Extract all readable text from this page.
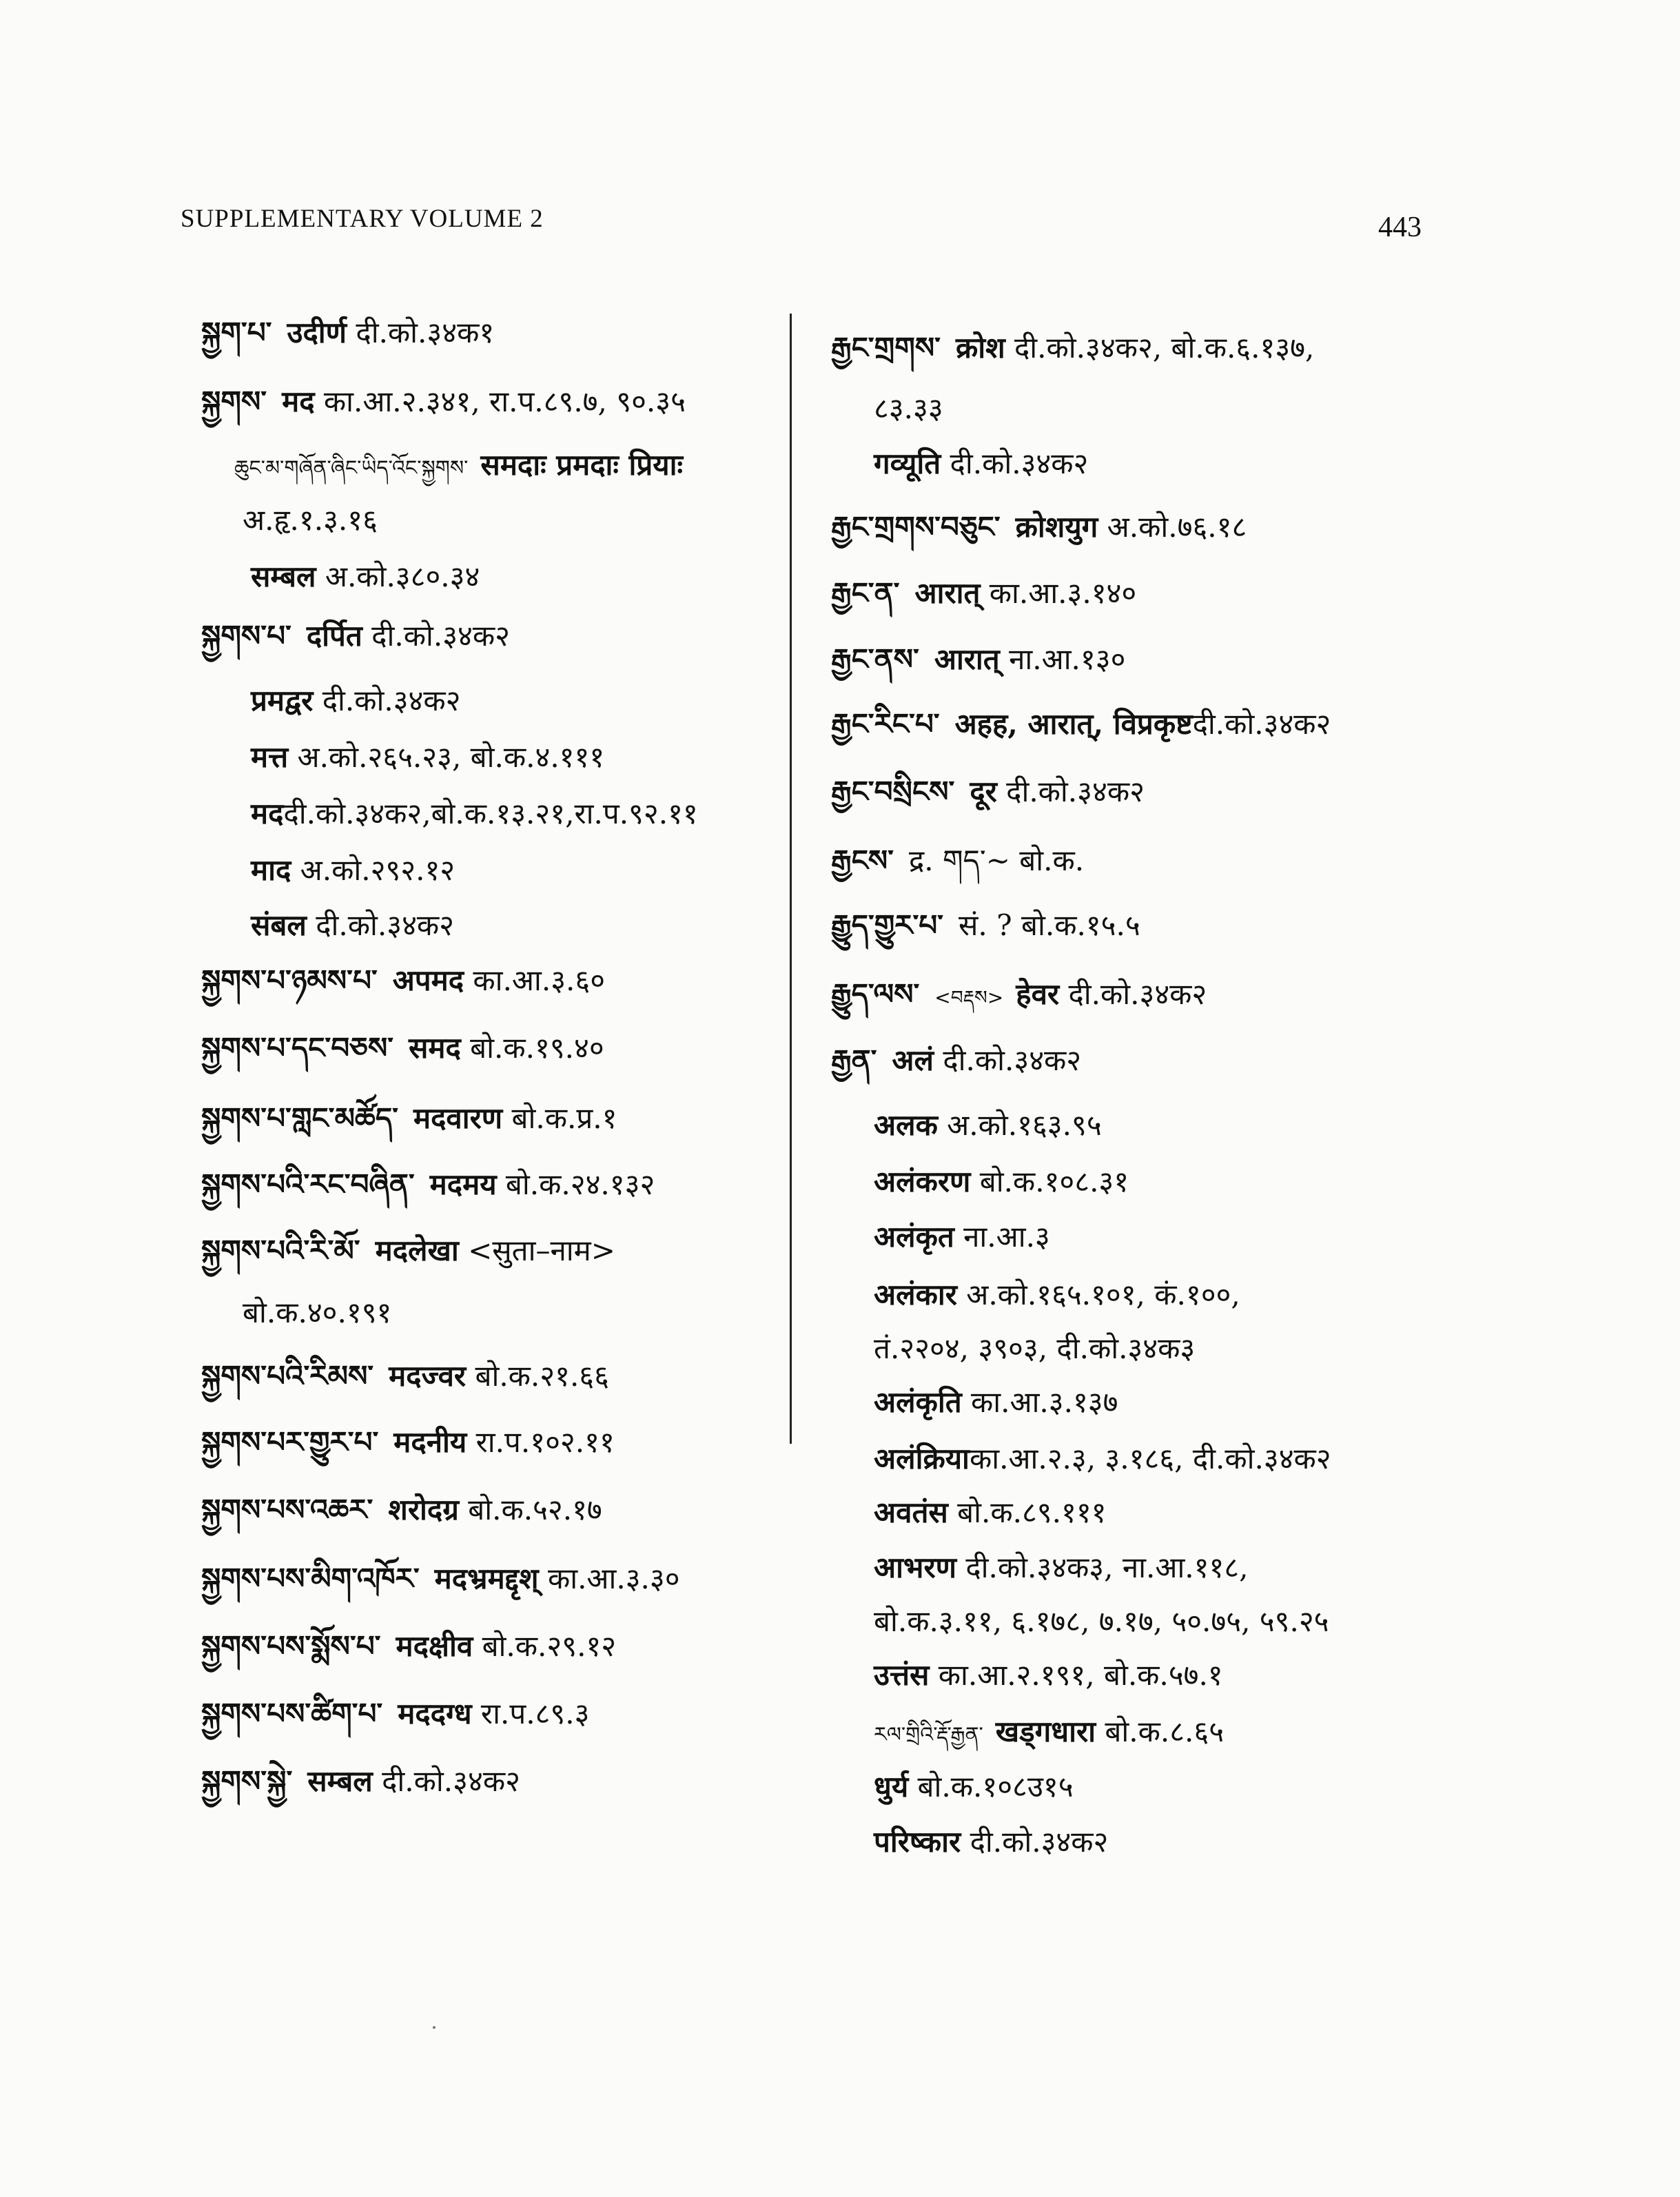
SUPPLEMENTARY VOLUME 2	443
སྐྱག་པ་ उदीर्ण दी.को.३४क१
སྐྱགས་ मद का.आ.२.३४१, रा.प.८९.७, ९०.३५
ཆུང་མ་གཞོན་ཞིང་ཡིད་འོང་སྐྱགས་ समदाः प्रमदाः प्रियाः
अ.हृ.१.३.१६
सम्बल अ.को.३८०.३४
སྐྱགས་པ་ दर्पित दी.को.३४क२
प्रमद्वर दी.को.३४क२
मत्त अ.को.२६५.२३, बो.क.४.१११
मददी.को.३४क२,बो.क.१३.२१,रा.प.९२.११
माद अ.को.२९२.१२
संबल दी.को.३४क२
སྐྱགས་པ་ཉམས་པ་ अपमद का.आ.३.६०
སྐྱགས་པ་དང་བཅས་ समद बो.क.१९.४०
སྐྱགས་པ་གླང་མཚོད་ मदवारण बो.क.प्र.१
སྐྱགས་པའི་རང་བཞིན་ मदमय बो.क.२४.१३२
སྐྱགས་པའི་རི་མོ་ मदलेखा <सुता–नाम>
बो.क.४०.१९१
སྐྱགས་པའི་རིམས་ मदज्वर बो.क.२१.६६
སྐྱགས་པར་གྱུར་པ་ मदनीय रा.प.१०२.११
སྐྱགས་པས་འཆར་ शरोदग्र बो.क.५२.१७
སྐྱགས་པས་མིག་འཁོར་ मदभ्रमद्दृश् का.आ.३.३०
སྐྱགས་པས་སྨོས་པ་ मदक्षीव बो.क.२९.१२
སྐྱགས་པས་ཚིག་པ་ मददग्ध रा.प.८९.३
སྐྱགས་སྐྱེ་ सम्बल दी.को.३४क२
རྒྱང་གྲགས་ क्रोश दी.को.३४क२, बो.क.६.१३७,
८३.३३
गव्यूति दी.को.३४क२
རྒྱང་གྲགས་བཅུང་ क्रोशयुग अ.को.७६.१८
རྒྱང་ན་ आरात् का.आ.३.१४०
རྒྱང་ནས་ आरात् ना.आ.१३०
རྒྱང་རིང་པ་ अहह, आरात्, विप्रकृष्टदी.को.३४क२
རྒྱང་བསྲིངས་ दूर दी.को.३४क२
རྒྱངས་ द्र. གད་~ बो.क.
རྒྱུད་གྱུར་པ་ सं. ? बो.क.१५.५
རྒྱུད་ལས་ <བརྡས> हेवर दी.को.३४क२
རྒྱན་ अलं दी.को.३४क२
अलक अ.को.१६३.९५
अलंकरण बो.क.१०८.३१
अलंकृत ना.आ.३
अलंकार अ.को.१६५.१०१, कं.१००,
तं.२२०४, ३९०३, दी.को.३४क३
अलंकृति का.आ.३.१३७
अलंक्रियाका.आ.२.३, ३.१८६, दी.को.३४क२
अवतंस बो.क.८९.१११
आभरण दी.को.३४क३, ना.आ.११८,
बो.क.३.११, ६.१७८, ७.१७, ५०.७५, ५९.२५
उत्तंस का.आ.२.१९१, बो.क.५७.१
རལ་གྲིའི་རྡོ་རྒྱན་ खड्गधारा बो.क.८.६५
धुर्य बो.क.१०८उ१५
परिष्कार दी.को.३४क२
